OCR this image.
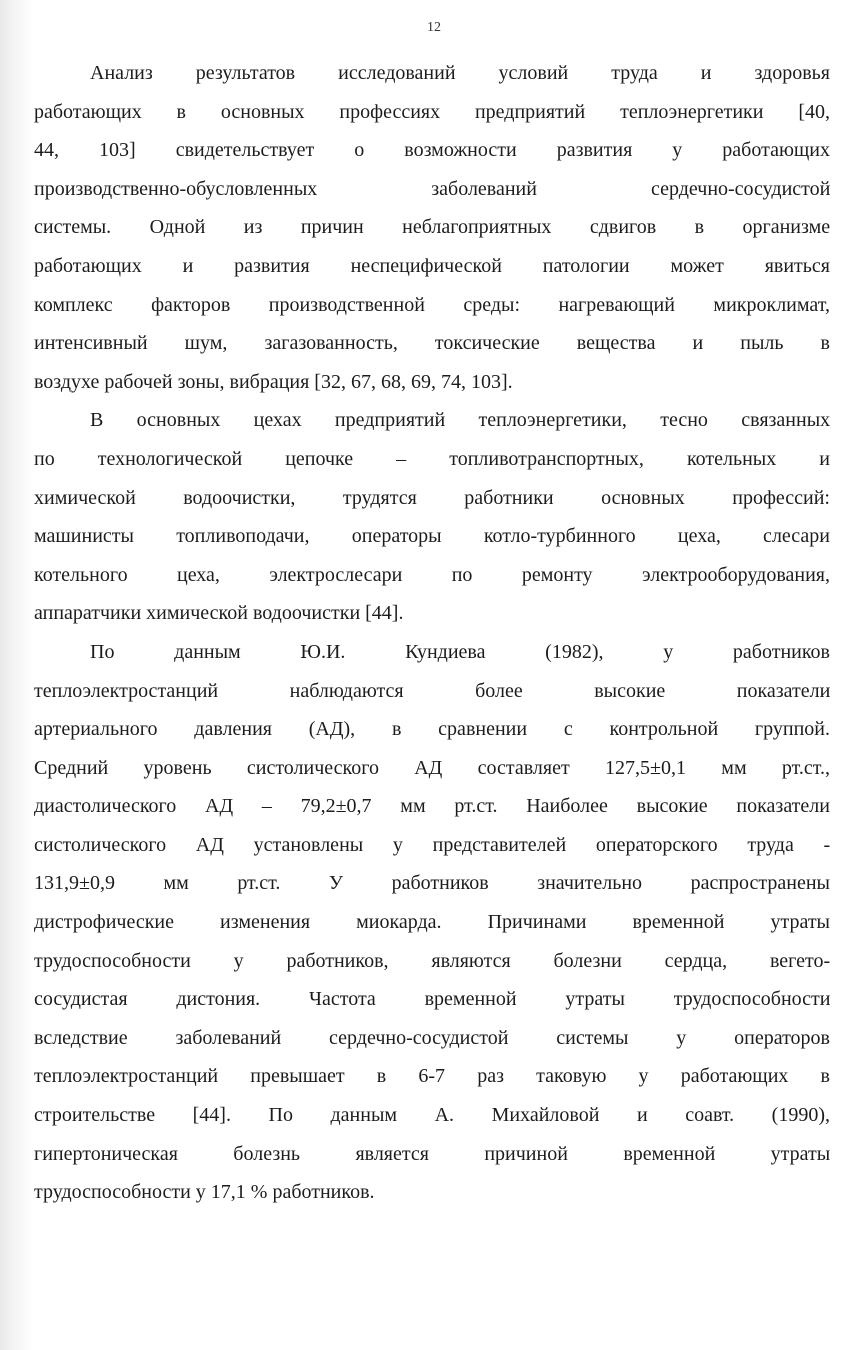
12
Анализ результатов исследований условий труда и здоровья
работающих в основных профессиях предприятий теплоэнергетики [40,
44, 103] свидетельствует о возможности развития у работающих
производственно-обусловленных заболеваний сердечно-сосудистой
системы. Одной из причин неблагоприятных сдвигов в организме
работающих и развития неспецифической патологии может явиться
комплекс факторов производственной среды: нагревающий микроклимат,
интенсивный шум, загазованность, токсические вещества и пыль в
воздухе рабочей зоны, вибрация [32, 67, 68, 69, 74, 103].
В основных цехах предприятий теплоэнергетики, тесно связанных
по технологической цепочке – топливотранспортных, котельных и
химической водоочистки, трудятся работники основных профессий:
машинисты топливоподачи, операторы котло-турбинного цеха, слесари
котельного цеха, электрослесари по ремонту электрооборудования,
аппаратчики химической водоочистки [44].
По данным Ю.И. Кундиева (1982), у работников
теплоэлектростанций наблюдаются более высокие показатели
артериального давления (АД), в сравнении с контрольной группой.
Средний уровень систолического АД составляет 127,5±0,1 мм рт.ст.,
диастолического АД – 79,2±0,7 мм рт.ст. Наиболее высокие показатели
систолического АД установлены у представителей операторского труда -
131,9±0,9 мм рт.ст. У работников значительно распространены
дистрофические изменения миокарда. Причинами временной утраты
трудоспособности у работников, являются болезни сердца, вегето-
сосудистая дистония. Частота временной утраты трудоспособности
вследствие заболеваний сердечно-сосудистой системы у операторов
теплоэлектростанций превышает в 6-7 раз таковую у работающих в
строительстве [44]. По данным А. Михайловой и соавт. (1990),
гипертоническая болезнь является причиной временной утраты
трудоспособности у 17,1 % работников.
